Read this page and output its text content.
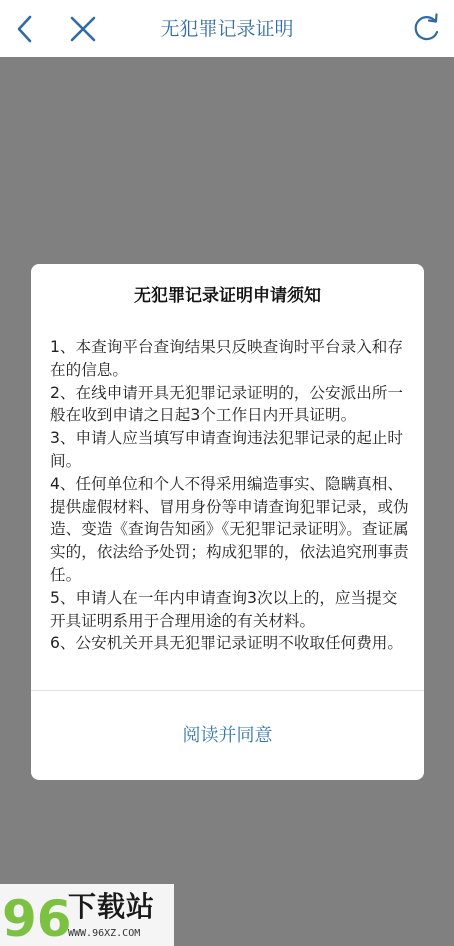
无犯罪记录证明
无犯罪记录证明申请须知

1、本查询平台查询结果只反映查询时平台录入和存在的信息。

2、在线申请开具无犯罪记录证明的，公安派出所一般在收到申请之日起3个工作日内开具证明。

3、申请人应当填写申请查询违法犯罪记录的起止时间。

4、任何单位和个人不得采用编造事实、隐瞒真相、提供虚假材料、冒用身份等申请查询犯罪记录，或伪造、变造《查询告知函》《无犯罪记录证明》。查证属实的，依法给予处罚；构成犯罪的，依法追究刑事责任。

5、申请人在一年内申请查询3次以上的，应当提交开具证明系用于合理用途的有关材料。

6、公安机关开具无犯罪记录证明不收取任何费用。

阅读并同意
96
下载站
WWW.96XZ.COM
